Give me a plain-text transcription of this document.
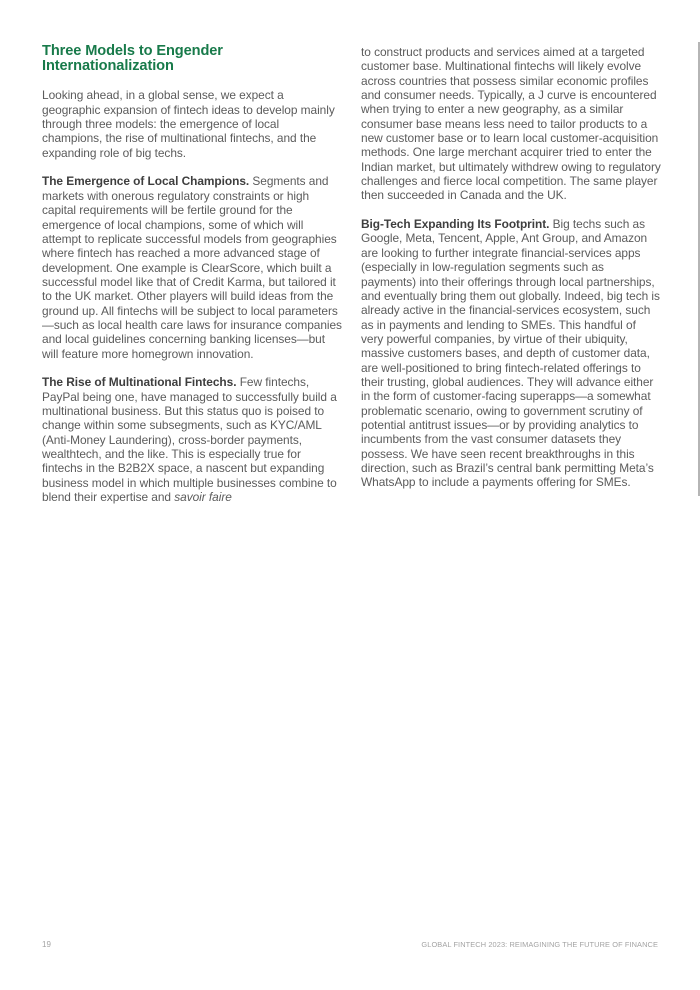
Three Models to Engender Internationalization

Looking ahead, in a global sense, we expect a geographic expansion of fintech ideas to develop mainly through three models: the emergence of local champions, the rise of multinational fintechs, and the expanding role of big techs.

The Emergence of Local Champions. Segments and markets with onerous regulatory constraints or high capital requirements will be fertile ground for the emergence of local champions, some of which will attempt to replicate successful models from geographies where fintech has reached a more advanced stage of development. One example is ClearScore, which built a successful model like that of Credit Karma, but tailored it to the UK market. Other players will build ideas from the ground up. All fintechs will be subject to local parameters—such as local health care laws for insurance companies and local guidelines concerning banking licenses—but will feature more homegrown innovation.

The Rise of Multinational Fintechs. Few fintechs, PayPal being one, have managed to successfully build a multinational business. But this status quo is poised to change within some subsegments, such as KYC/AML (Anti-Money Laundering), cross-border payments, wealthtech, and the like. This is especially true for fintechs in the B2B2X space, a nascent but expanding business model in which multiple businesses combine to blend their expertise and savoir faire

to construct products and services aimed at a targeted customer base. Multinational fintechs will likely evolve across countries that possess similar economic profiles and consumer needs. Typically, a J curve is encountered when trying to enter a new geography, as a similar consumer base means less need to tailor products to a new customer base or to learn local customer-acquisition methods. One large merchant acquirer tried to enter the Indian market, but ultimately withdrew owing to regulatory challenges and fierce local competition. The same player then succeeded in Canada and the UK.

Big-Tech Expanding Its Footprint. Big techs such as Google, Meta, Tencent, Apple, Ant Group, and Amazon are looking to further integrate financial-services apps (especially in low-regulation segments such as payments) into their offerings through local partnerships, and eventually bring them out globally. Indeed, big tech is already active in the financial-services ecosystem, such as in payments and lending to SMEs. This handful of very powerful companies, by virtue of their ubiquity, massive customers bases, and depth of customer data, are well-positioned to bring fintech-related offerings to their trusting, global audiences. They will advance either in the form of customer-facing superapps—a somewhat problematic scenario, owing to government scrutiny of potential antitrust issues—or by providing analytics to incumbents from the vast consumer datasets they possess. We have seen recent breakthroughs in this direction, such as Brazil’s central bank permitting Meta’s WhatsApp to include a payments offering for SMEs.

19	GLOBAL FINTECH 2023: REIMAGINING THE FUTURE OF FINANCE
